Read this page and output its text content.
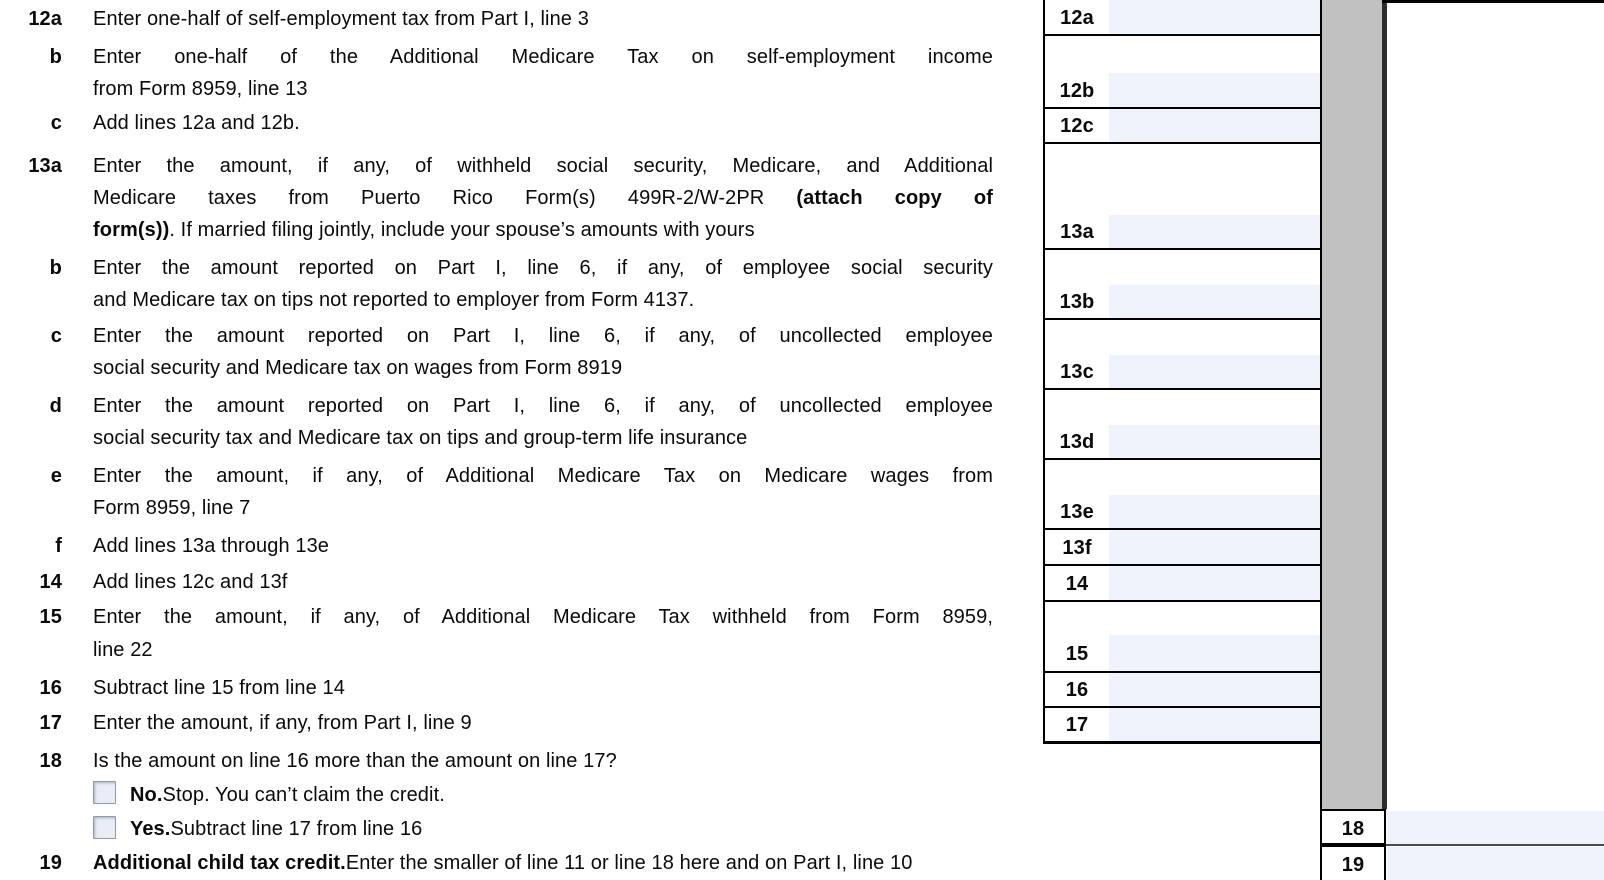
12a Enter one-half of self-employment tax from Part I, line 3
b Enter one-half of the Additional Medicare Tax on self-employment income
from Form 8959, line 13
c Add lines 12a and 12b.
13a Enter the amount, if any, of withheld social security, Medicare, and Additional
Medicare taxes from Puerto Rico Form(s) 499R-2/W-2PR (attach copy of
form(s)) . If married filing jointly, include your spouse’s amounts with yours
b Enter the amount reported on Part I, line 6, if any, of employee social security
and Medicare tax on tips not reported to employer from Form 4137.
c Enter the amount reported on Part I, line 6, if any, of uncollected employee
social security and Medicare tax on wages from Form 8919
d Enter the amount reported on Part I, line 6, if any, of uncollected employee
social security tax and Medicare tax on tips and group-term life insurance
e Enter the amount, if any, of Additional Medicare Tax on Medicare wages from
Form 8959, line 7
f Add lines 13a through 13e
14 Add lines 12c and 13f
15 Enter the amount, if any, of Additional Medicare Tax withheld from Form 8959,
line 22
16 Subtract line 15 from line 14
17 Enter the amount, if any, from Part I, line 9
18 Is the amount on line 16 more than the amount on line 17?
No. Stop. You can’t claim the credit.
Yes. Subtract line 17 from line 16
19 Additional child tax credit. Enter the smaller of line 11 or line 18 here and on Part I, line 10
12a
12b
12c
13a
13b
13c
13d
13e
13f
14
15
16
17
18
19
